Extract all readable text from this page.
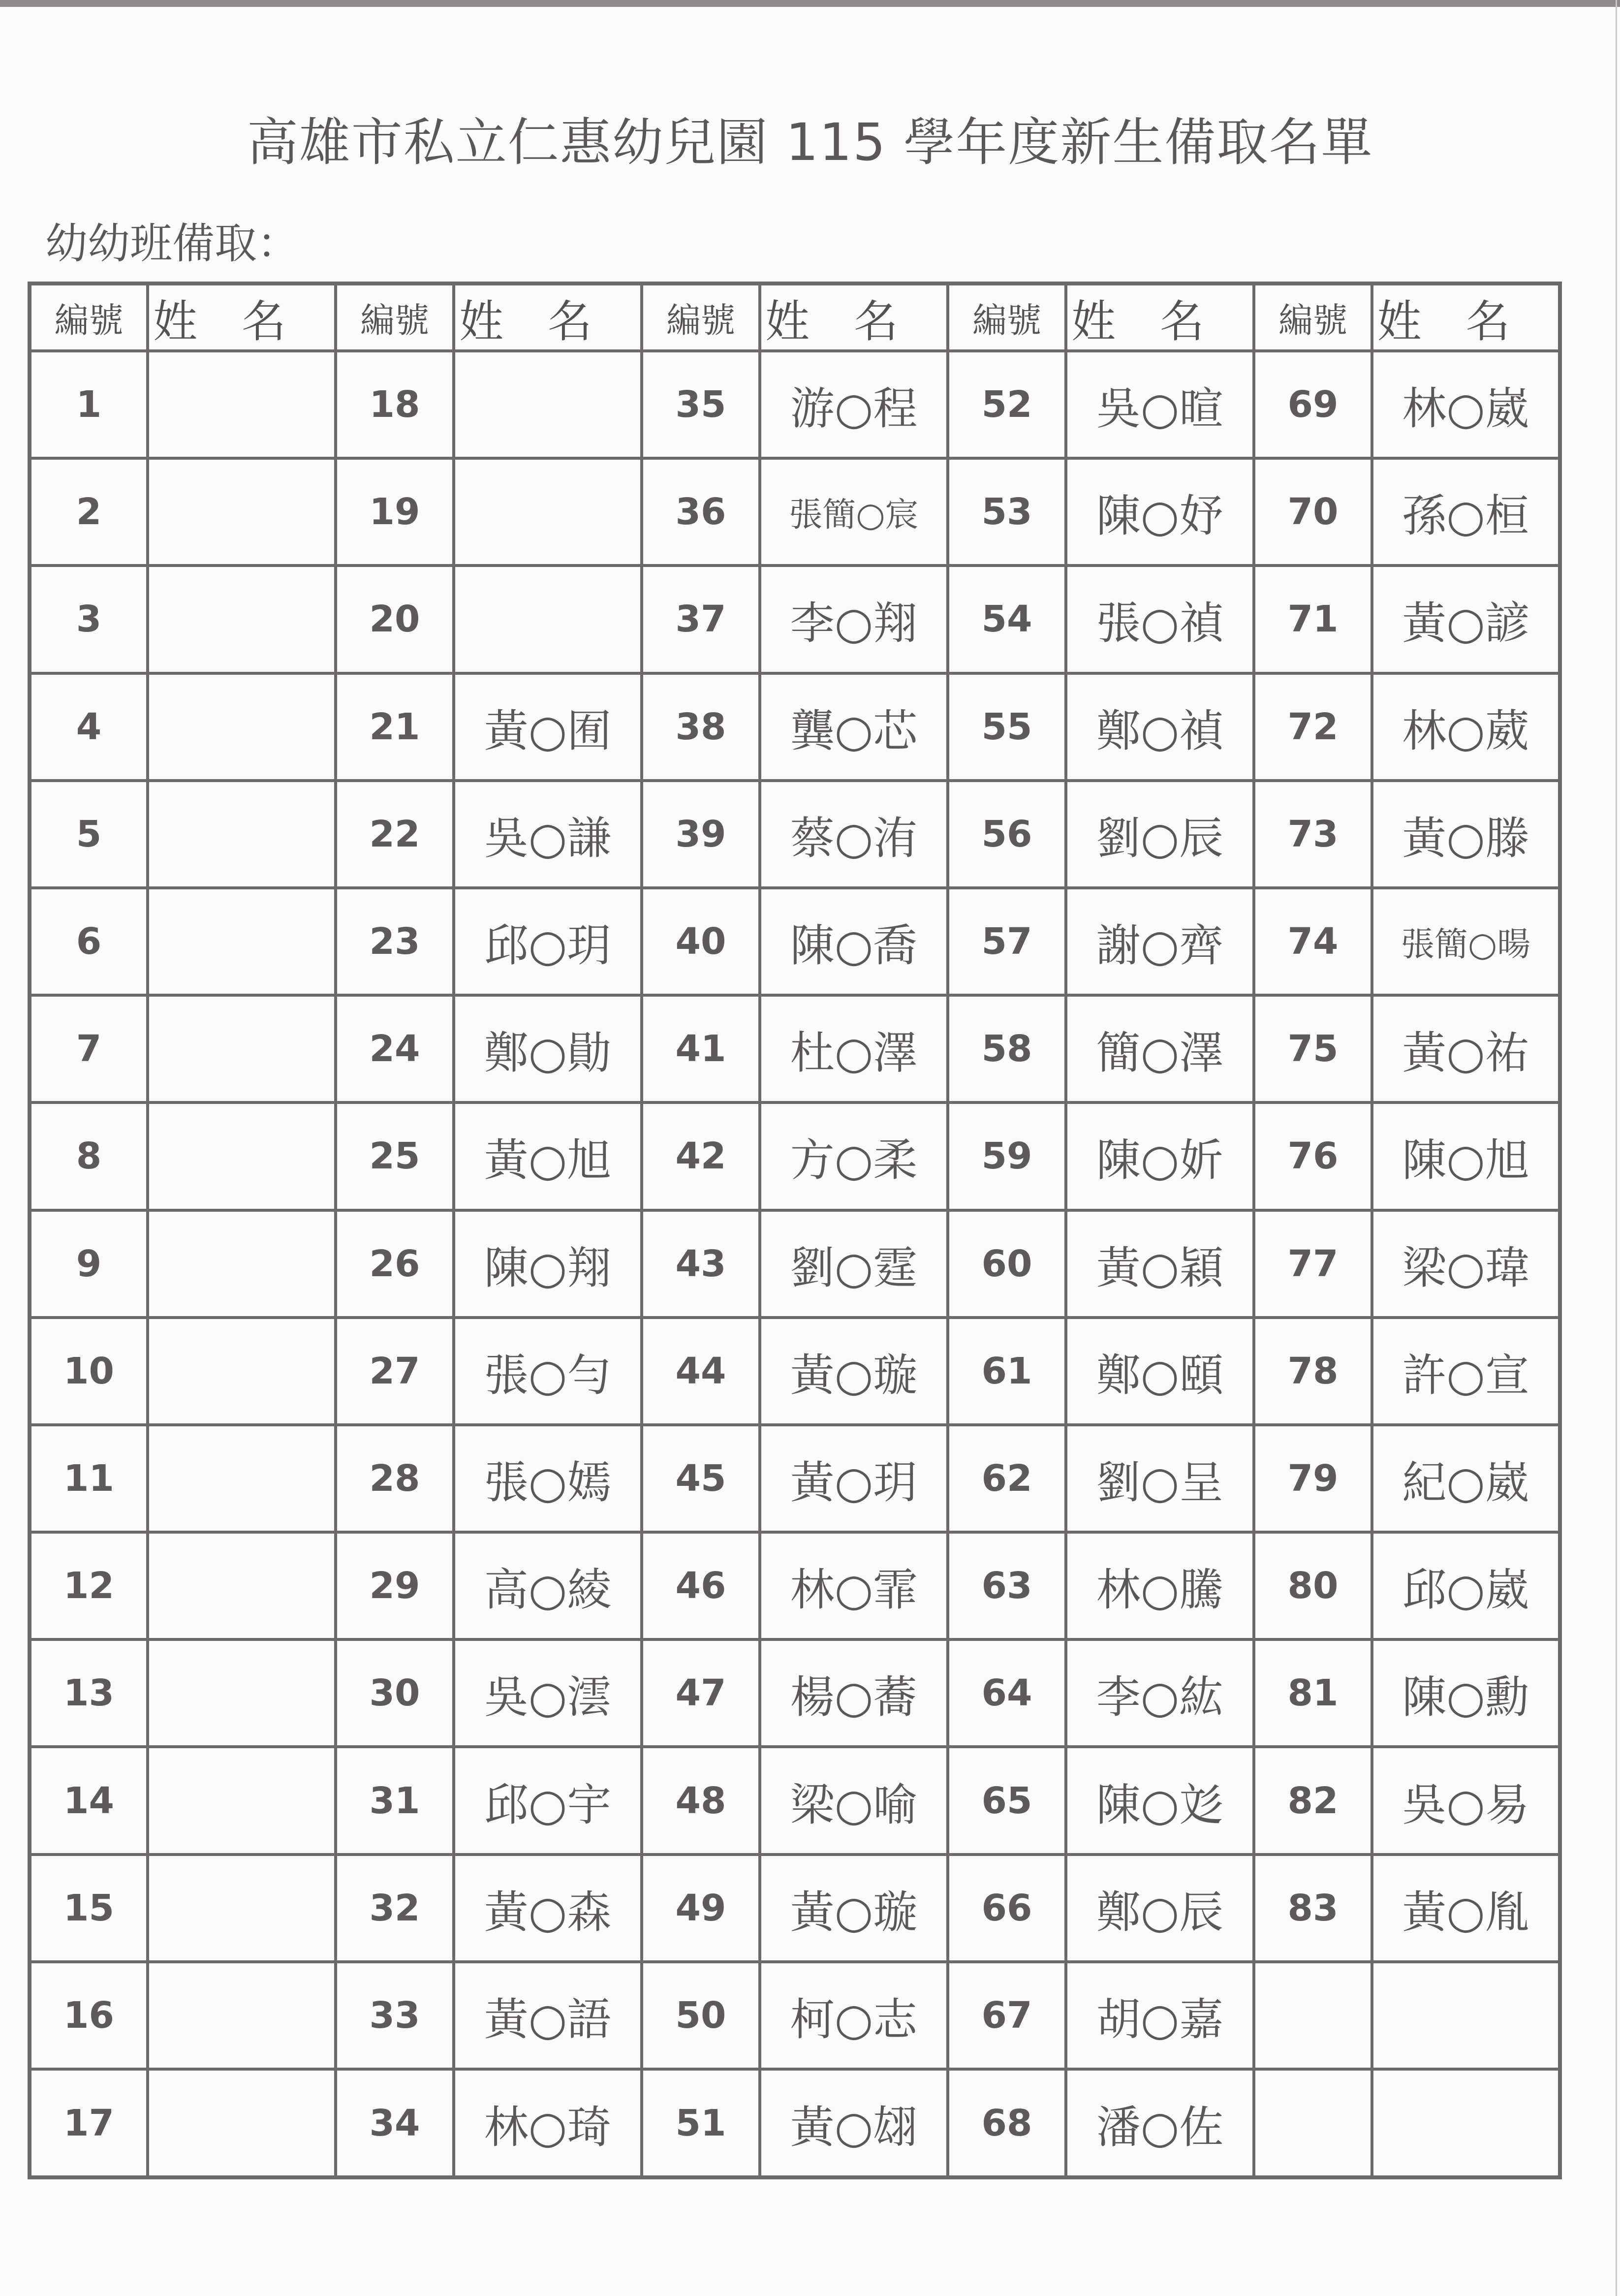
高雄市私立仁惠幼兒園 115 學年度新生備取名單
幼幼班備取：
編號	姓名	編號	姓名	編號	姓名	編號	姓名	編號	姓名
1		18		35	游○程	52	吳○暄	69	林○崴
2		19		36	張簡○宸	53	陳○妤	70	孫○桓
3		20		37	李○翔	54	張○禎	71	黃○諺
4		21	黃○囿	38	龔○芯	55	鄭○禎	72	林○葳
5		22	吳○謙	39	蔡○洧	56	劉○辰	73	黃○滕
6		23	邱○玥	40	陳○喬	57	謝○齊	74	張簡○暘
7		24	鄭○勛	41	杜○澤	58	簡○澤	75	黃○祐
8		25	黃○旭	42	方○柔	59	陳○妡	76	陳○旭
9		26	陳○翔	43	劉○霆	60	黃○穎	77	梁○瑋
10		27	張○勻	44	黃○璇	61	鄭○頤	78	許○宣
11		28	張○嫣	45	黃○玥	62	劉○呈	79	紀○崴
12		29	高○綾	46	林○霏	63	林○騰	80	邱○崴
13		30	吳○澐	47	楊○蕎	64	李○紘	81	陳○勳
14		31	邱○宇	48	梁○喻	65	陳○彣	82	吳○易
15		32	黃○森	49	黃○璇	66	鄭○辰	83	黃○胤
16		33	黃○語	50	柯○志	67	胡○嘉		
17		34	林○琦	51	黃○翃	68	潘○佐		
